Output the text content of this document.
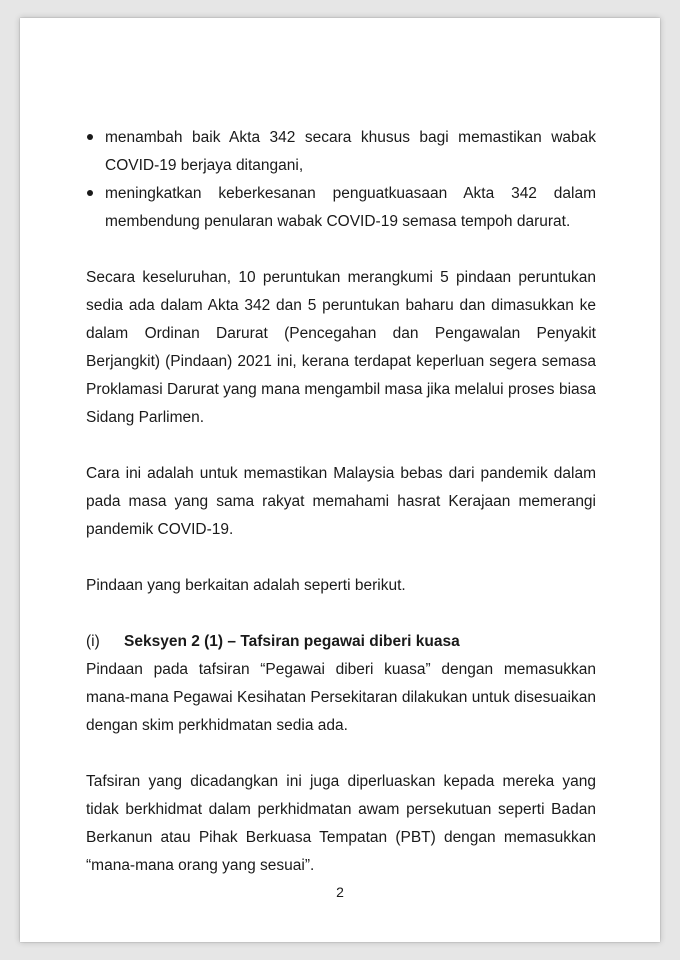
menambah baik Akta 342 secara khusus bagi memastikan wabak COVID-19 berjaya ditangani,
meningkatkan keberkesanan penguatkuasaan Akta 342 dalam membendung penularan wabak COVID-19 semasa tempoh darurat.

Secara keseluruhan, 10 peruntukan merangkumi 5 pindaan peruntukan sedia ada dalam Akta 342 dan 5 peruntukan baharu dan dimasukkan ke dalam Ordinan Darurat (Pencegahan dan Pengawalan Penyakit Berjangkit) (Pindaan) 2021 ini, kerana terdapat keperluan segera semasa Proklamasi Darurat yang mana mengambil masa jika melalui proses biasa Sidang Parlimen.

Cara ini adalah untuk memastikan Malaysia bebas dari pandemik dalam pada masa yang sama rakyat memahami hasrat Kerajaan memerangi pandemik COVID-19.

Pindaan yang berkaitan adalah seperti berikut.

(i)	Seksyen 2 (1) – Tafsiran pegawai diberi kuasa

Pindaan pada tafsiran “Pegawai diberi kuasa” dengan memasukkan mana-mana Pegawai Kesihatan Persekitaran dilakukan untuk disesuaikan dengan skim perkhidmatan sedia ada.

Tafsiran yang dicadangkan ini juga diperluaskan kepada mereka yang tidak berkhidmat dalam perkhidmatan awam persekutuan seperti Badan Berkanun atau Pihak Berkuasa Tempatan (PBT) dengan memasukkan “mana-mana orang yang sesuai”.

2
